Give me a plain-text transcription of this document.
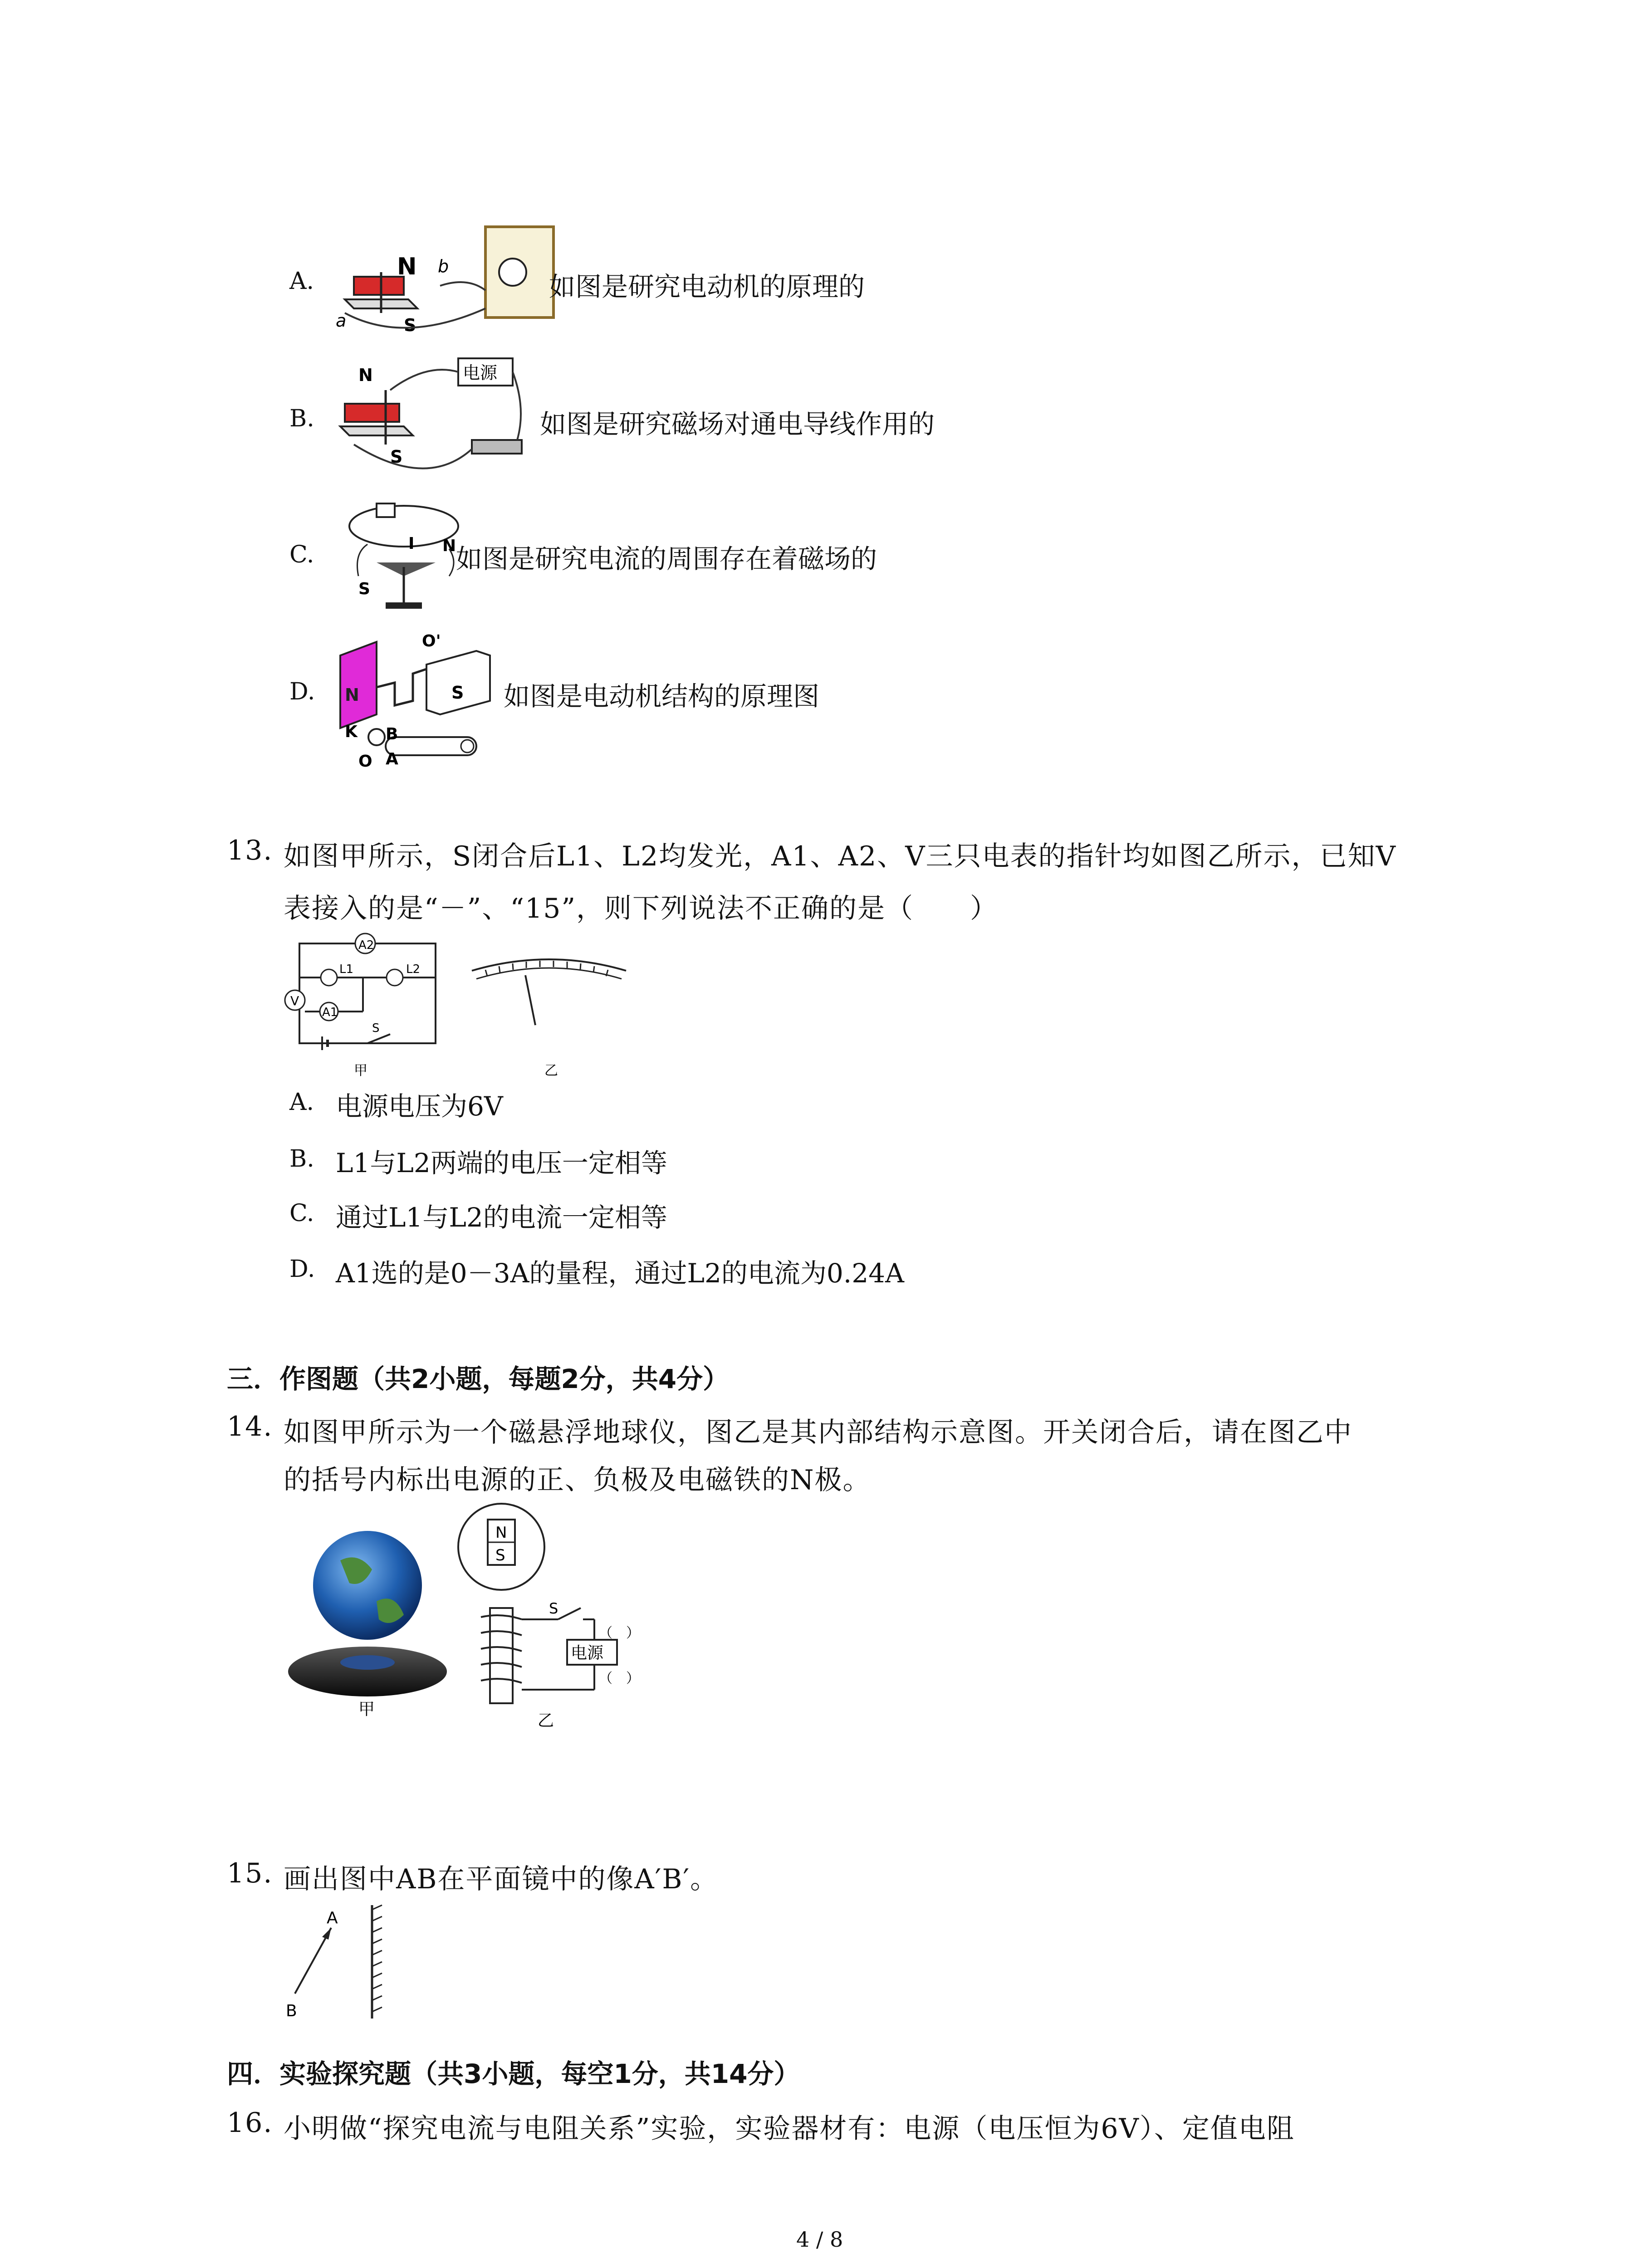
A.
N
S
a
b
如图是研究电动机的原理的
B.
N
S
电源
如图是研究磁场对通电导线作用的
C.	I N
S
如图是研究电流的周围存在着磁场的
D. N	S
O'
K B
O A
如图是电动机结构的原理图
13. 如图甲所示，S闭合后L1、L2均发光，A1、A2、V三只电表的指针均如图乙所示，已知V
表接入的是“－”、“15”，则下列说法不正确的是（　　）
A2
L1	L2
V
A1
S
甲	乙
A. 电源电压为6V
B. L1与L2两端的电压一定相等
C. 通过L1与L2的电流一定相等
D. A1选的是0－3A的量程，通过L2的电流为0.24A
三．作图题（共2小题，每题2分，共4分）
14. 如图甲所示为一个磁悬浮地球仪，图乙是其内部结构示意图。开关闭合后，请在图乙中
的括号内标出电源的正、负极及电磁铁的N极。
甲
N
S
S
电源
（　）
（　）
乙
15. 画出图中AB在平面镜中的像A′B′。
A
B
四．实验探究题（共3小题，每空1分，共14分）
16. 小明做“探究电流与电阻关系”实验，实验器材有：电源（电压恒为6V）、定值电阻
4 / 8
